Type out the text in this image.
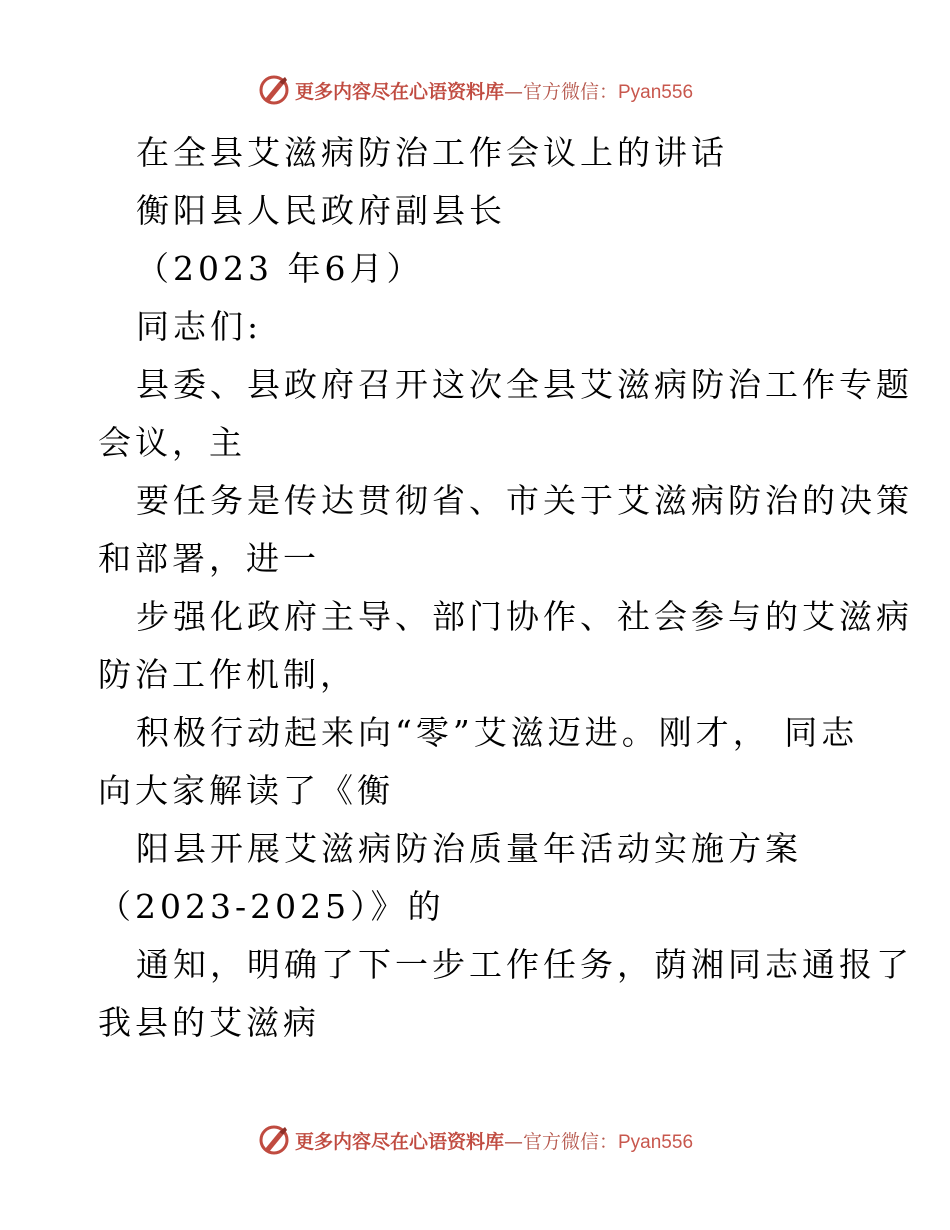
更多内容尽在心语资料库—官方微信：Pyan556
在全县艾滋病防治工作会议上的讲话
衡阳县人民政府副县长
（2023 年6月）
同志们:
县委、县政府召开这次全县艾滋病防治工作专题
会议，主
要任务是传达贯彻省、市关于艾滋病防治的决策
和部署，进一
步强化政府主导、部门协作、社会参与的艾滋病
防治工作机制，
积极行动起来向“零”艾滋迈进。刚才， 同志
向大家解读了《衡
阳县开展艾滋病防治质量年活动实施方案
（2023-2025）》的
通知，明确了下一步工作任务，荫湘同志通报了
我县的艾滋病
更多内容尽在心语资料库—官方微信：Pyan556
